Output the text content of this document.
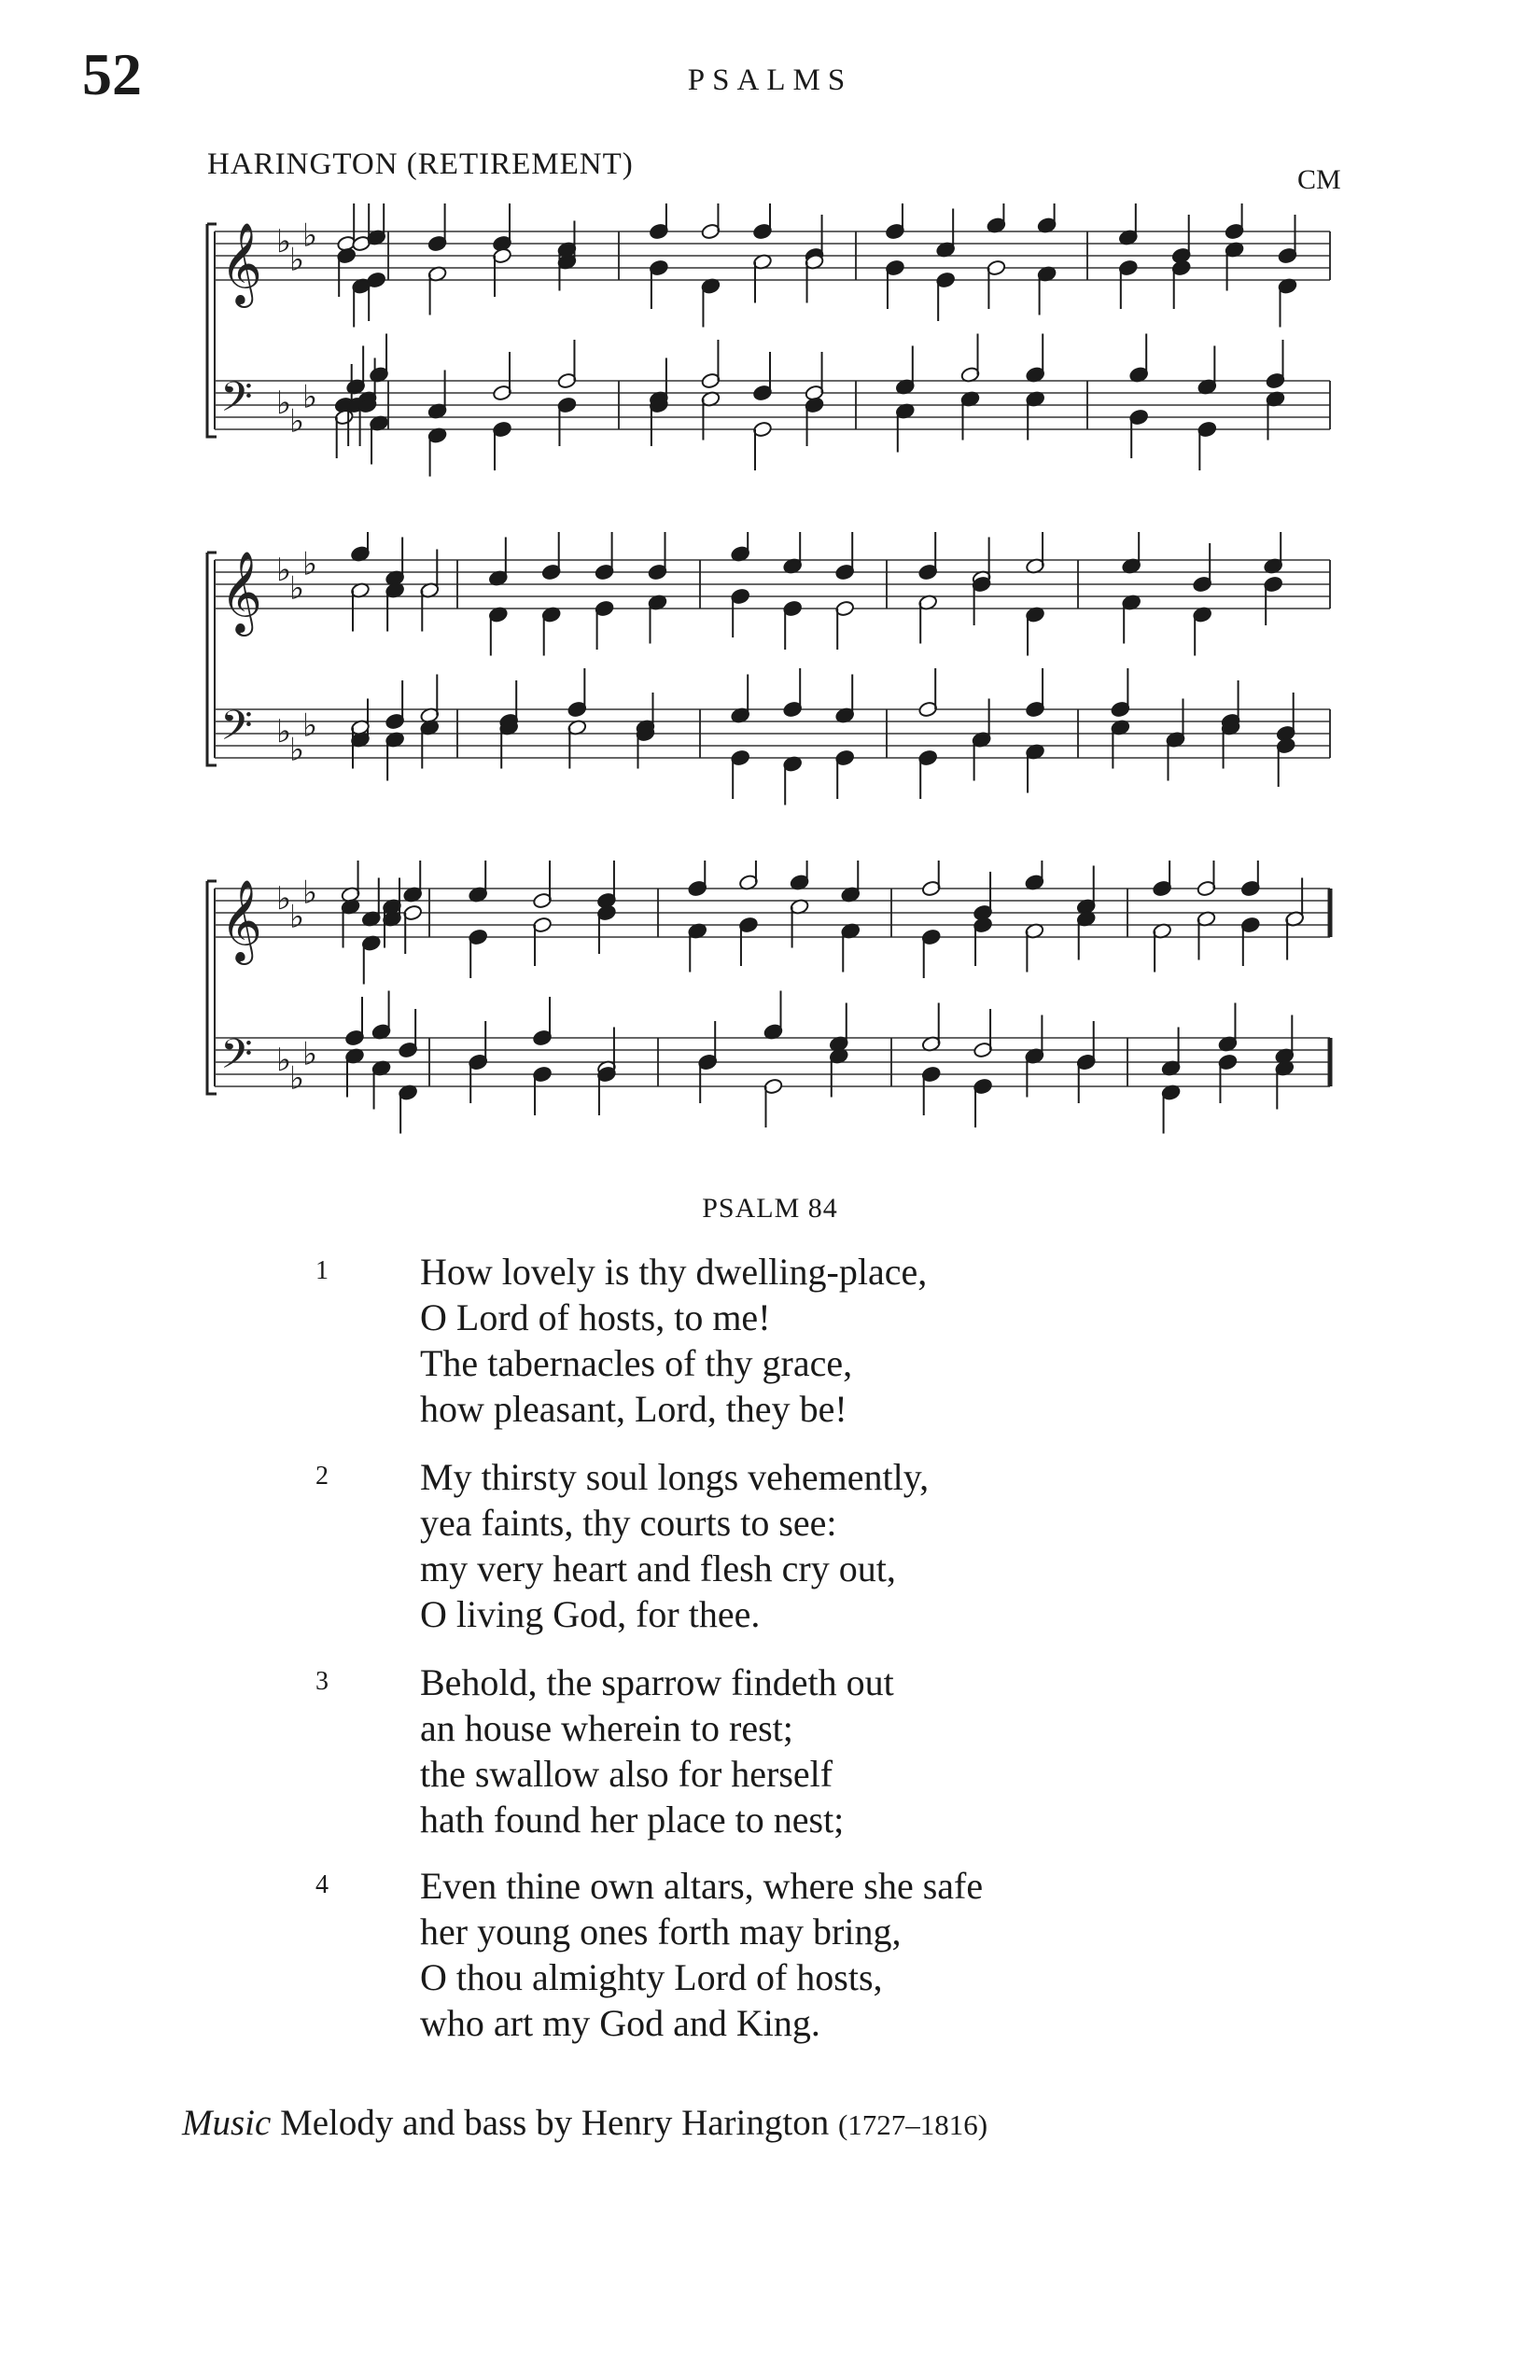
52	PSALMS
HARINGTON (RETIREMENT)	CM
𝄞 ♭
♭
♭
𝄢 ♭
♭
♭
𝄞 ♭
♭
♭
𝄢 ♭
♭
♭
𝄞 ♭
♭
♭
𝄢 ♭
♭
♭
PSALM 84
1 How lovely is thy dwelling-place,
O Lord of hosts, to me!
The tabernacles of thy grace,
how pleasant, Lord, they be!
2 My thirsty soul longs vehemently,
yea faints, thy courts to see:
my very heart and flesh cry out,
O living God, for thee.
3 Behold, the sparrow findeth out
an house wherein to rest;
the swallow also for herself
hath found her place to nest;
4 Even thine own altars, where she safe
her young ones forth may bring,
O thou almighty Lord of hosts,
who art my God and King.
Music Melody and bass by Henry Harington (1727–1816)
